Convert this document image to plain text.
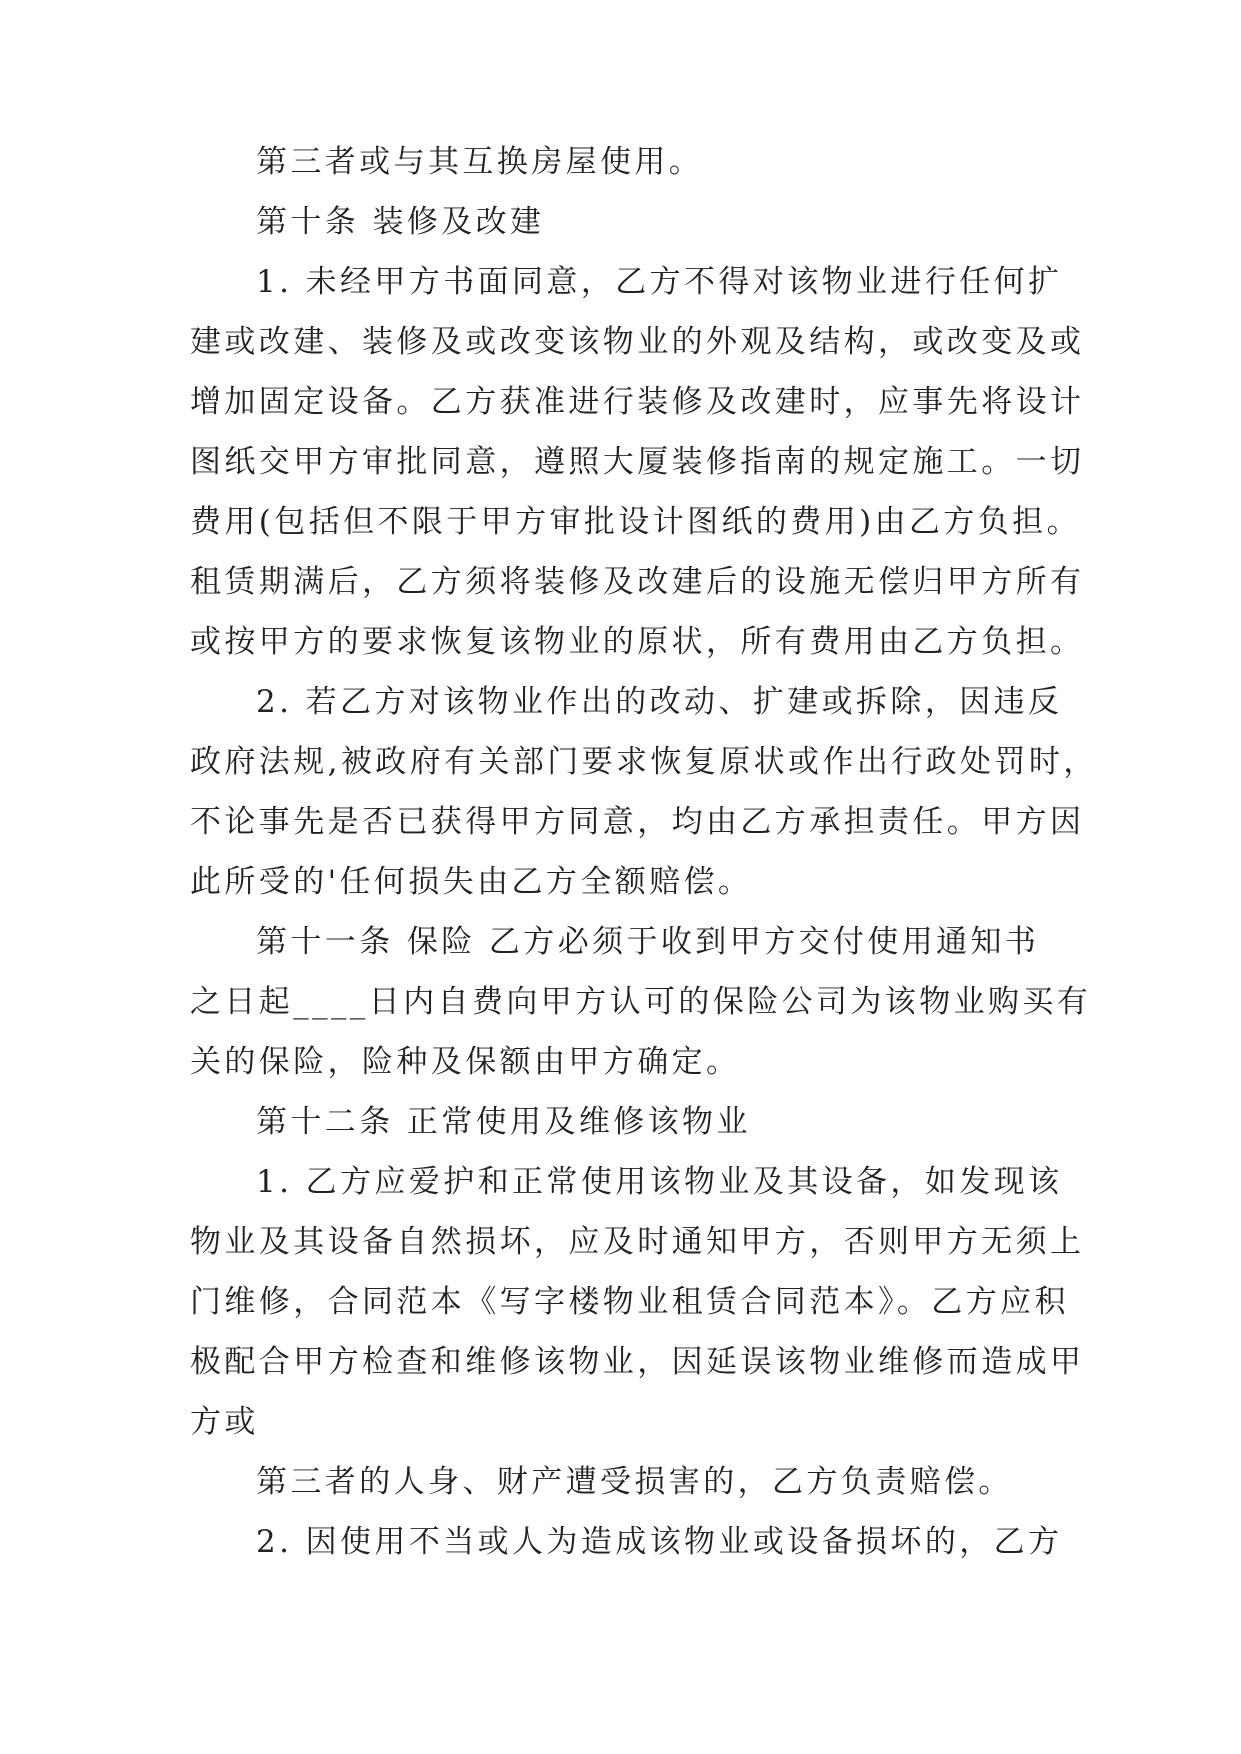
第三者或与其互换房屋使用。
第十条 装修及改建
1. 未经甲方书面同意，乙方不得对该物业进行任何扩
建或改建、装修及或改变该物业的外观及结构，或改变及或
增加固定设备。乙方获准进行装修及改建时，应事先将设计
图纸交甲方审批同意，遵照大厦装修指南的规定施工。一切
费用(包括但不限于甲方审批设计图纸的费用)由乙方负担。
租赁期满后，乙方须将装修及改建后的设施无偿归甲方所有
或按甲方的要求恢复该物业的原状，所有费用由乙方负担。
2. 若乙方对该物业作出的改动、扩建或拆除，因违反
政府法规,被政府有关部门要求恢复原状或作出行政处罚时，
不论事先是否已获得甲方同意，均由乙方承担责任。甲方因
此所受的'任何损失由乙方全额赔偿。
第十一条 保险 乙方必须于收到甲方交付使用通知书
之日起____日内自费向甲方认可的保险公司为该物业购买有
关的保险，险种及保额由甲方确定。
第十二条 正常使用及维修该物业
1. 乙方应爱护和正常使用该物业及其设备，如发现该
物业及其设备自然损坏，应及时通知甲方，否则甲方无须上
门维修，合同范本《写字楼物业租赁合同范本》。乙方应积
极配合甲方检查和维修该物业，因延误该物业维修而造成甲
方或
第三者的人身、财产遭受损害的，乙方负责赔偿。
2. 因使用不当或人为造成该物业或设备损坏的，乙方
